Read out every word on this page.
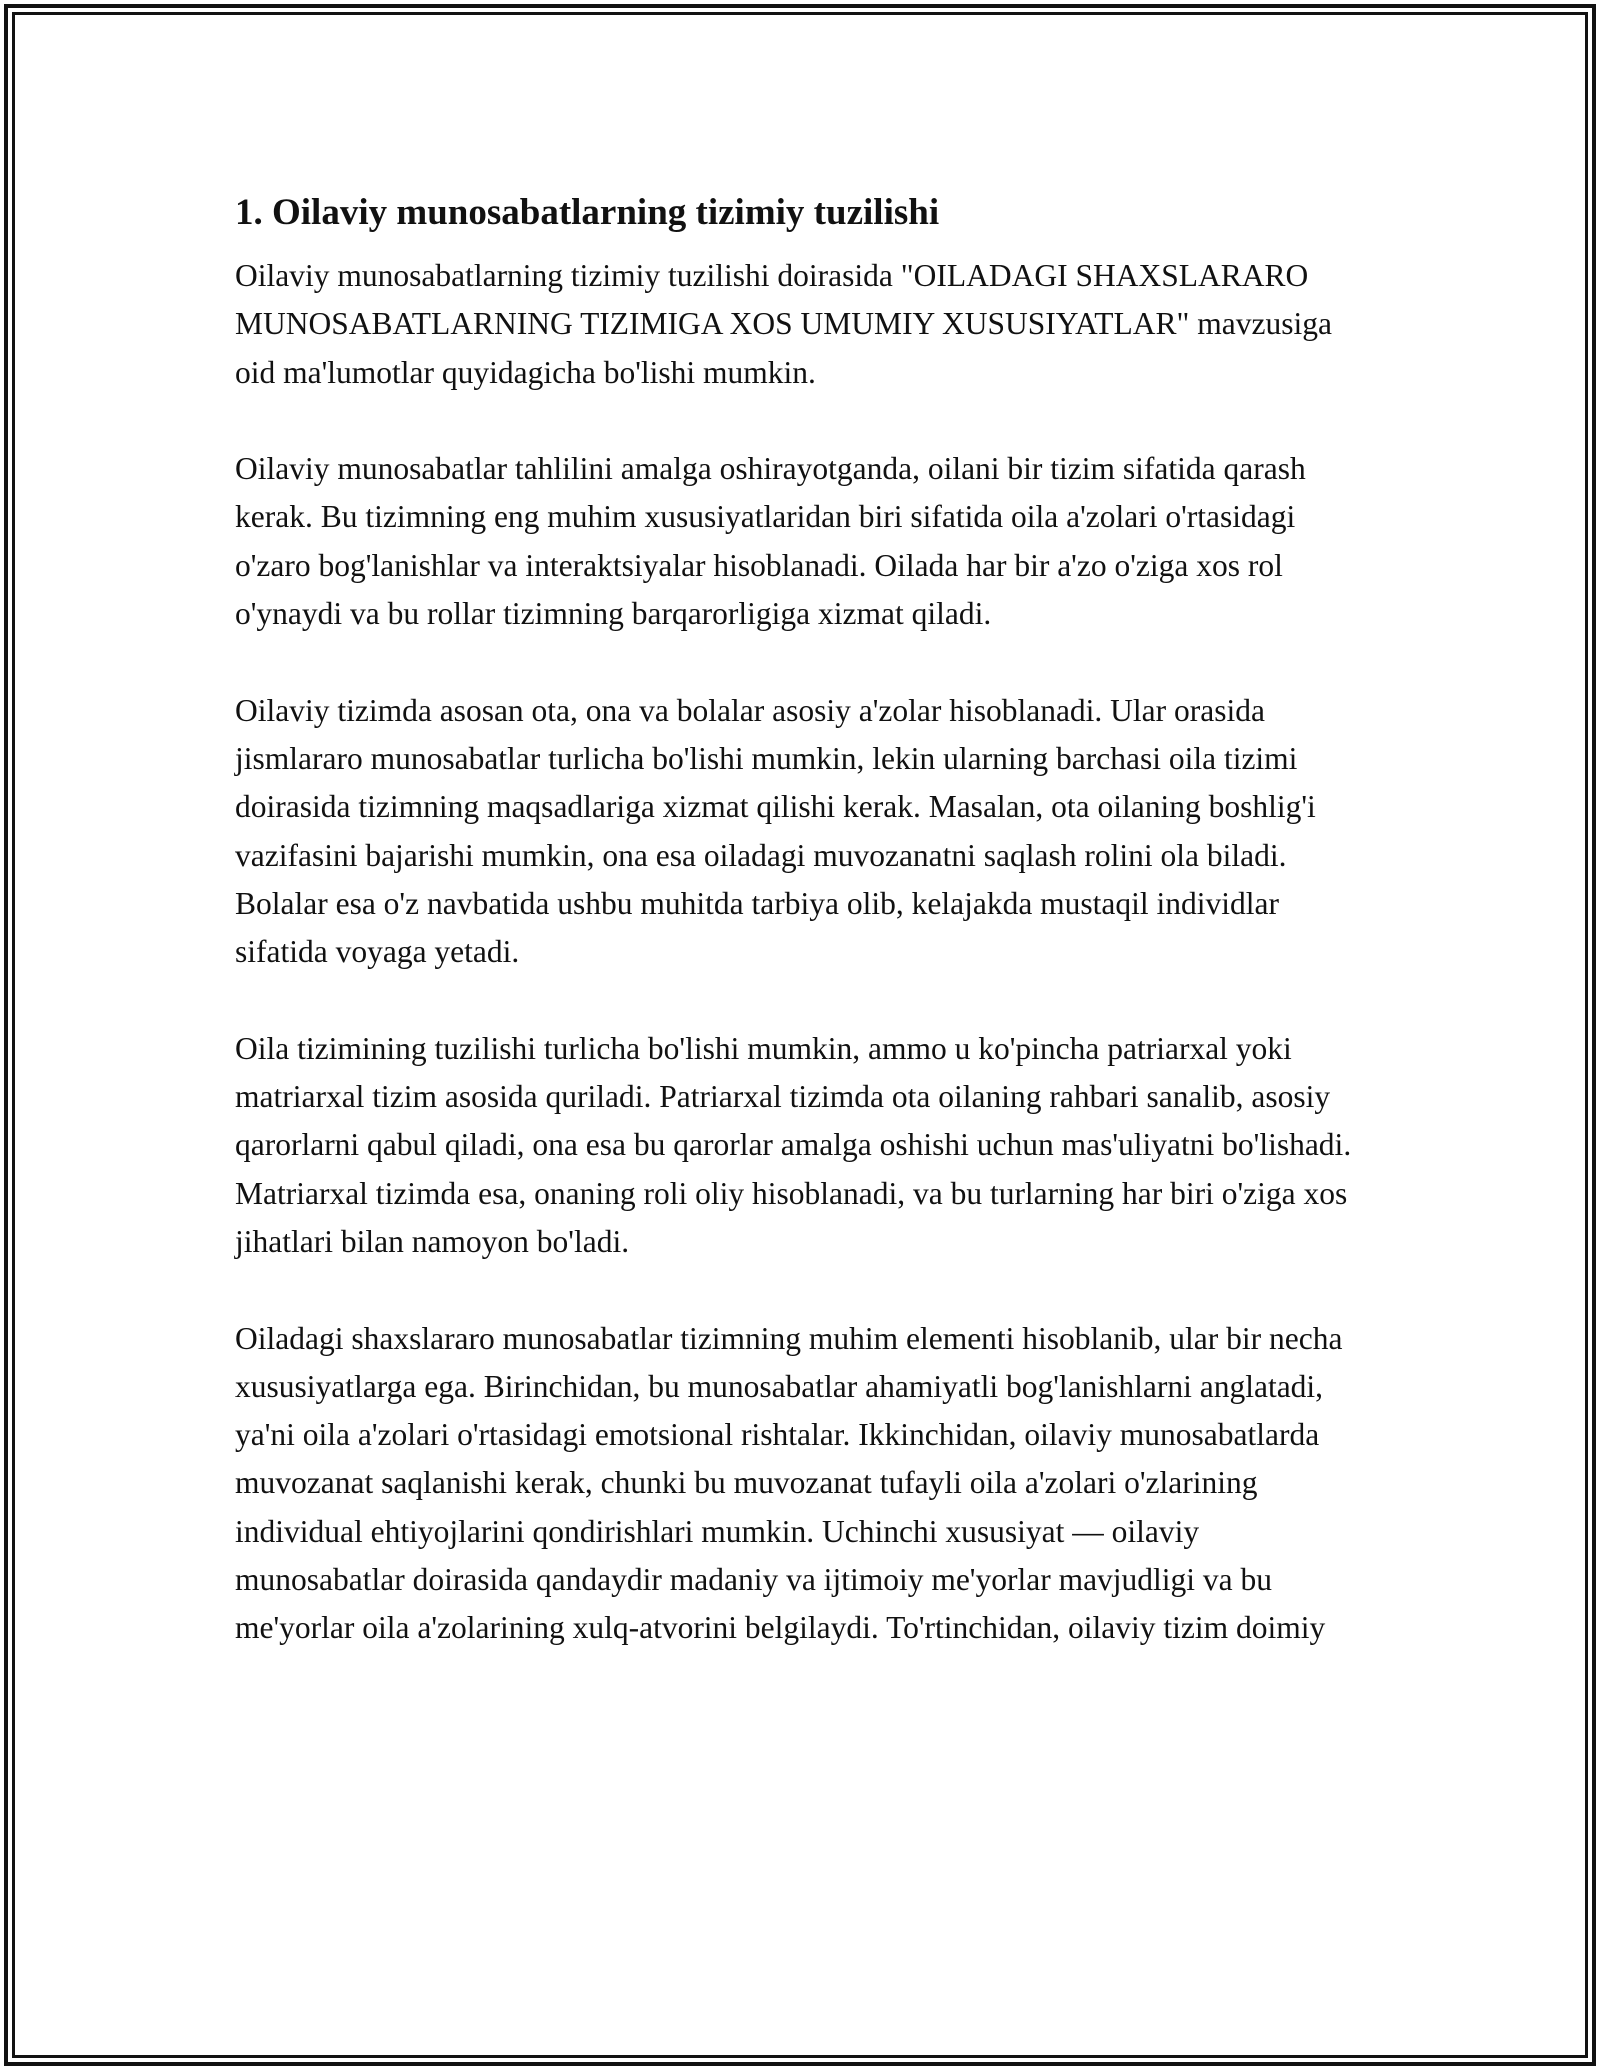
1. Oilaviy munosabatlarning tizimiy tuzilishi

Oilaviy munosabatlarning tizimiy tuzilishi doirasida "OILADAGI SHAXSLARARO MUNOSABATLARNING TIZIMIGA XOS UMUMIY XUSUSIYATLAR" mavzusiga oid ma'lumotlar quyidagicha bo'lishi mumkin.

Oilaviy munosabatlar tahlilini amalga oshirayotganda, oilani bir tizim sifatida qarash kerak. Bu tizimning eng muhim xususiyatlaridan biri sifatida oila a'zolari o'rtasidagi o'zaro bog'lanishlar va interaktsiyalar hisoblanadi. Oilada har bir a'zo o'ziga xos rol o'ynaydi va bu rollar tizimning barqarorligiga xizmat qiladi.

Oilaviy tizimda asosan ota, ona va bolalar asosiy a'zolar hisoblanadi. Ular orasida jismlararo munosabatlar turlicha bo'lishi mumkin, lekin ularning barchasi oila tizimi doirasida tizimning maqsadlariga xizmat qilishi kerak. Masalan, ota oilaning boshlig'i vazifasini bajarishi mumkin, ona esa oiladagi muvozanatni saqlash rolini ola biladi. Bolalar esa o'z navbatida ushbu muhitda tarbiya olib, kelajakda mustaqil individlar sifatida voyaga yetadi.

Oila tizimining tuzilishi turlicha bo'lishi mumkin, ammo u ko'pincha patriarxal yoki matriarxal tizim asosida quriladi. Patriarxal tizimda ota oilaning rahbari sanalib, asosiy qarorlarni qabul qiladi, ona esa bu qarorlar amalga oshishi uchun mas'uliyatni bo'lishadi. Matriarxal tizimda esa, onaning roli oliy hisoblanadi, va bu turlarning har biri o'ziga xos jihatlari bilan namoyon bo'ladi.

Oiladagi shaxslararo munosabatlar tizimning muhim elementi hisoblanib, ular bir necha xususiyatlarga ega. Birinchidan, bu munosabatlar ahamiyatli bog'lanishlarni anglatadi, ya'ni oila a'zolari o'rtasidagi emotsional rishtalar. Ikkinchidan, oilaviy munosabatlarda muvozanat saqlanishi kerak, chunki bu muvozanat tufayli oila a'zolari o'zlarining individual ehtiyojlarini qondirishlari mumkin. Uchinchi xususiyat — oilaviy munosabatlar doirasida qandaydir madaniy va ijtimoiy me'yorlar mavjudligi va bu me'yorlar oila a'zolarining xulq-atvorini belgilaydi. To'rtinchidan, oilaviy tizim doimiy
